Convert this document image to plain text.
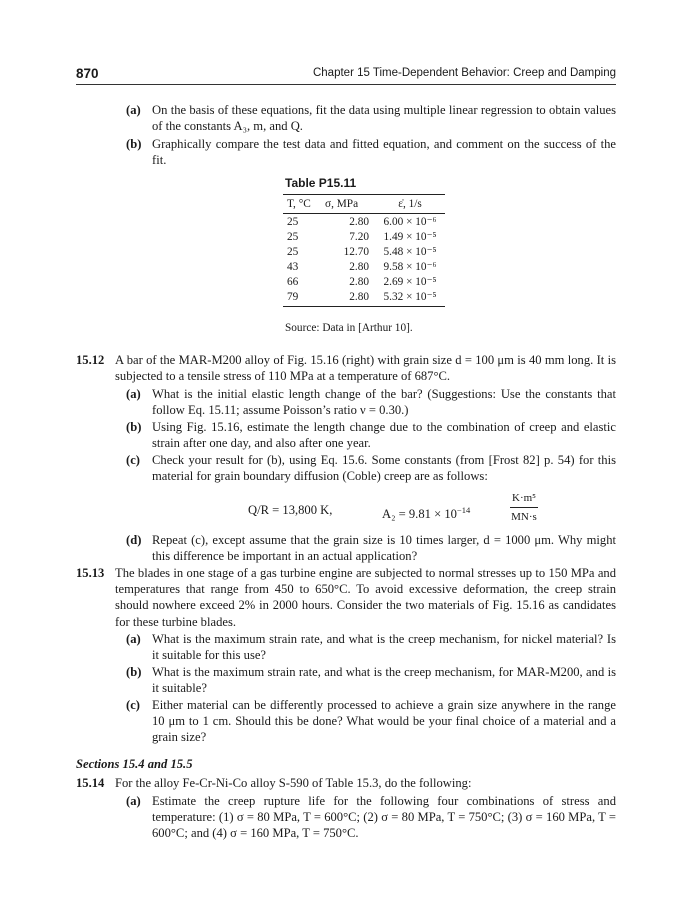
870	Chapter 15 Time-Dependent Behavior: Creep and Damping
(a) On the basis of these equations, fit the data using multiple linear regression to obtain values of the constants A₃, m, and Q.
(b) Graphically compare the test data and fitted equation, and comment on the success of the fit.
Table P15.11
T, °C	σ, MPa	ε̇, 1/s
25	2.80	6.00 × 10⁻⁶
25	7.20	1.49 × 10⁻⁵
25	12.70	5.48 × 10⁻⁵
43	2.80	9.58 × 10⁻⁶
66	2.80	2.69 × 10⁻⁵
79	2.80	5.32 × 10⁻⁵
Source: Data in [Arthur 10].
15.12 A bar of the MAR-M200 alloy of Fig. 15.16 (right) with grain size d = 100 μm is 40 mm long. It is subjected to a tensile stress of 110 MPa at a temperature of 687°C.
(a) What is the initial elastic length change of the bar? (Suggestions: Use the constants that follow Eq. 15.11; assume Poisson’s ratio ν = 0.30.)
(b) Using Fig. 15.16, estimate the length change due to the combination of creep and elastic strain after one day, and also after one year.
(c) Check your result for (b), using Eq. 15.6. Some constants (from [Frost 82] p. 54) for this material for grain boundary diffusion (Coble) creep are as follows:
Q/R = 13,800 K,	$A_2 = 9.81 \times 10^{-14}$	$\frac{\text{K·m⁵}}{MN\cdot s}$
(d) Repeat (c), except assume that the grain size is 10 times larger, d = 1000 μm. Why might this difference be important in an actual application?
15.13 The blades in one stage of a gas turbine engine are subjected to normal stresses up to 150 MPa and temperatures that range from 450 to 650°C. To avoid excessive deformation, the creep strain should nowhere exceed 2% in 2000 hours. Consider the two materials of Fig. 15.16 as candidates for these turbine blades.
(a) What is the maximum strain rate, and what is the creep mechanism, for nickel material? Is it suitable for this use?
(b) What is the maximum strain rate, and what is the creep mechanism, for MAR-M200, and is it suitable?
(c) Either material can be differently processed to achieve a grain size anywhere in the range 10 μm to 1 cm. Should this be done? What would be your final choice of a material and a grain size?
Sections 15.4 and 15.5
15.14 For the alloy Fe-Cr-Ni-Co alloy S-590 of Table 15.3, do the following:
(a) Estimate the creep rupture life for the following four combinations of stress and temperature: (1) σ = 80 MPa, T = 600°C; (2) σ = 80 MPa, T = 750°C; (3) σ = 160 MPa, T = 600°C; and (4) σ = 160 MPa, T = 750°C.
